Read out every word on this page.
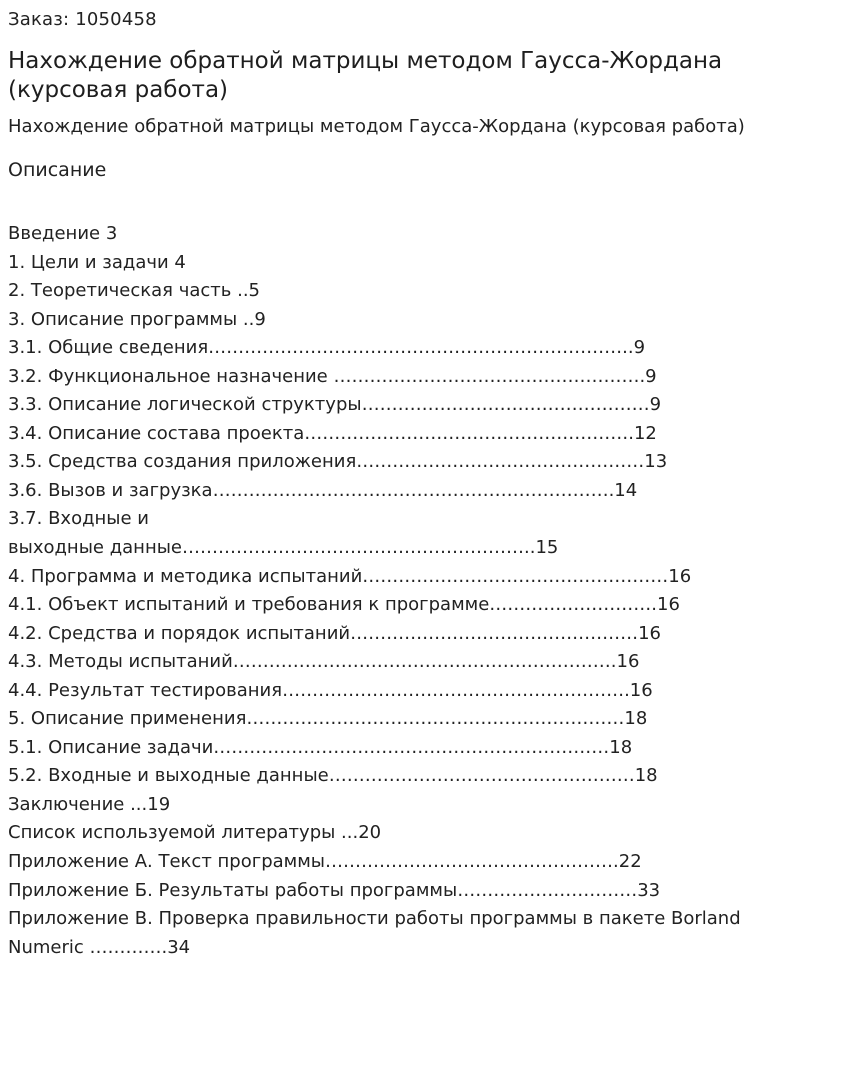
Заказ: 1050458
Нахождение обратной матрицы методом Гаусса-Жордана (курсовая работа)
Нахождение обратной матрицы методом Гаусса-Жордана (курсовая работа)
Описание
Введение 3
1. Цели и задачи 4
2. Теоретическая часть ..5
3. Описание программы ..9
3.1. Общие сведения……………………………………………………………..9
3.2. Функциональное назначение …………………………………………….9
3.3. Описание логической структуры…………………………………………9
3.4. Описание состава проекта……………………………………………….12
3.5. Средства создания приложения…………………………………………13
3.6. Вызов и загрузка………………………………………………………….14
3.7. Входные и
выходные данные…………………………………………………..15
4. Программа и методика испытаний……………………………………………16
4.1. Объект испытаний и требования к программе……………………….16
4.2. Средства и порядок испытаний…………………………………………16
4.3. Методы испытаний……………………………………………………….16
4.4. Результат тестирования………………………………………………….16
5. Описание применения………………………………………………………18
5.1. Описание задачи…………………………………………………………18
5.2. Входные и выходные данные……………………………………………18
Заключение ...19
Список используемой литературы ...20
Приложение А. Текст программы………………………………………….22
Приложение Б. Результаты работы программы…………………………33
Приложение В. Проверка правильности работы программы в пакете Borland Numeric ………….34
